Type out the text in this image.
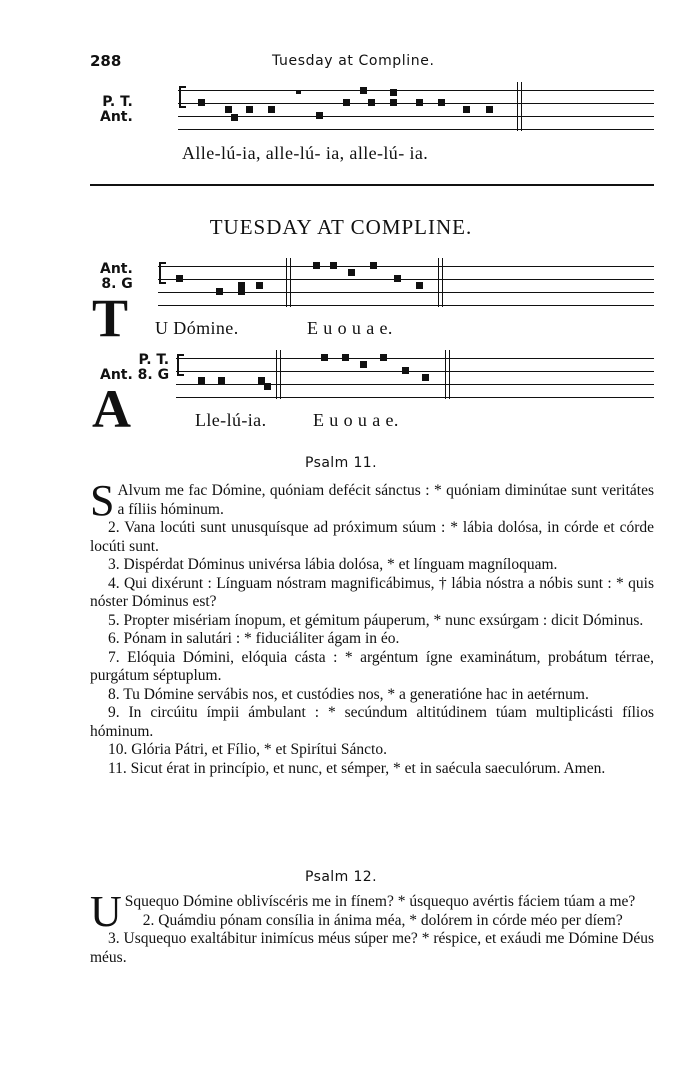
288	Tuesday at Compline.
P. T.
Ant.
Alle-lú-ia, alle-lú- ia, alle-lú- ia.
TUESDAY AT COMPLINE.
Ant.
8. G
T U Dómine.	E u o u a e.
P. T.
Ant. 8. G
A	Lle-lú-ia.	E u o u a e.
Psalm 11.

S Alvum me fac Dómine, quóniam defécit sánctus : * quóniam diminútae sunt veritátes a fíliis hóminum.

2. Vana locúti sunt unusquísque ad próximum súum : * lábia dolósa, in córde et córde locúti sunt.

3. Dispérdat Dóminus univérsa lábia dolósa, * et línguam magníloquam.

4. Qui dixérunt : Línguam nóstram magnificábimus, † lábia nóstra a nóbis sunt : * quis nóster Dóminus est?

5. Propter misériam ínopum, et gémitum páuperum, * nunc exsúrgam : dicit Dóminus.

6. Pónam in salutári : * fiduciáliter ágam in éo.

7. Elóquia Dómini, elóquia cásta : * argéntum ígne examinátum, probátum térrae, purgátum séptuplum.

8. Tu Dómine servábis nos, et custódies nos, * a generatióne hac in aetérnum.

9. In circúitu ímpii ámbulant : * secúndum altitúdinem túam multiplicásti fílios hóminum.

10. Glória Pátri, et Fílio, * et Spirítui Sáncto.

11. Sicut érat in princípio, et nunc, et sémper, * et in saécula saeculórum. Amen.

Psalm 12.

U Squequo Dómine oblivíscéris me in fínem? * úsquequo avértis fáciem túam a me?

2. Quámdiu pónam consília in ánima méa, * dolórem in córde méo per díem?

3. Usquequo exaltábitur inimícus méus súper me? * réspice, et exáudi me Dómine Déus méus.
